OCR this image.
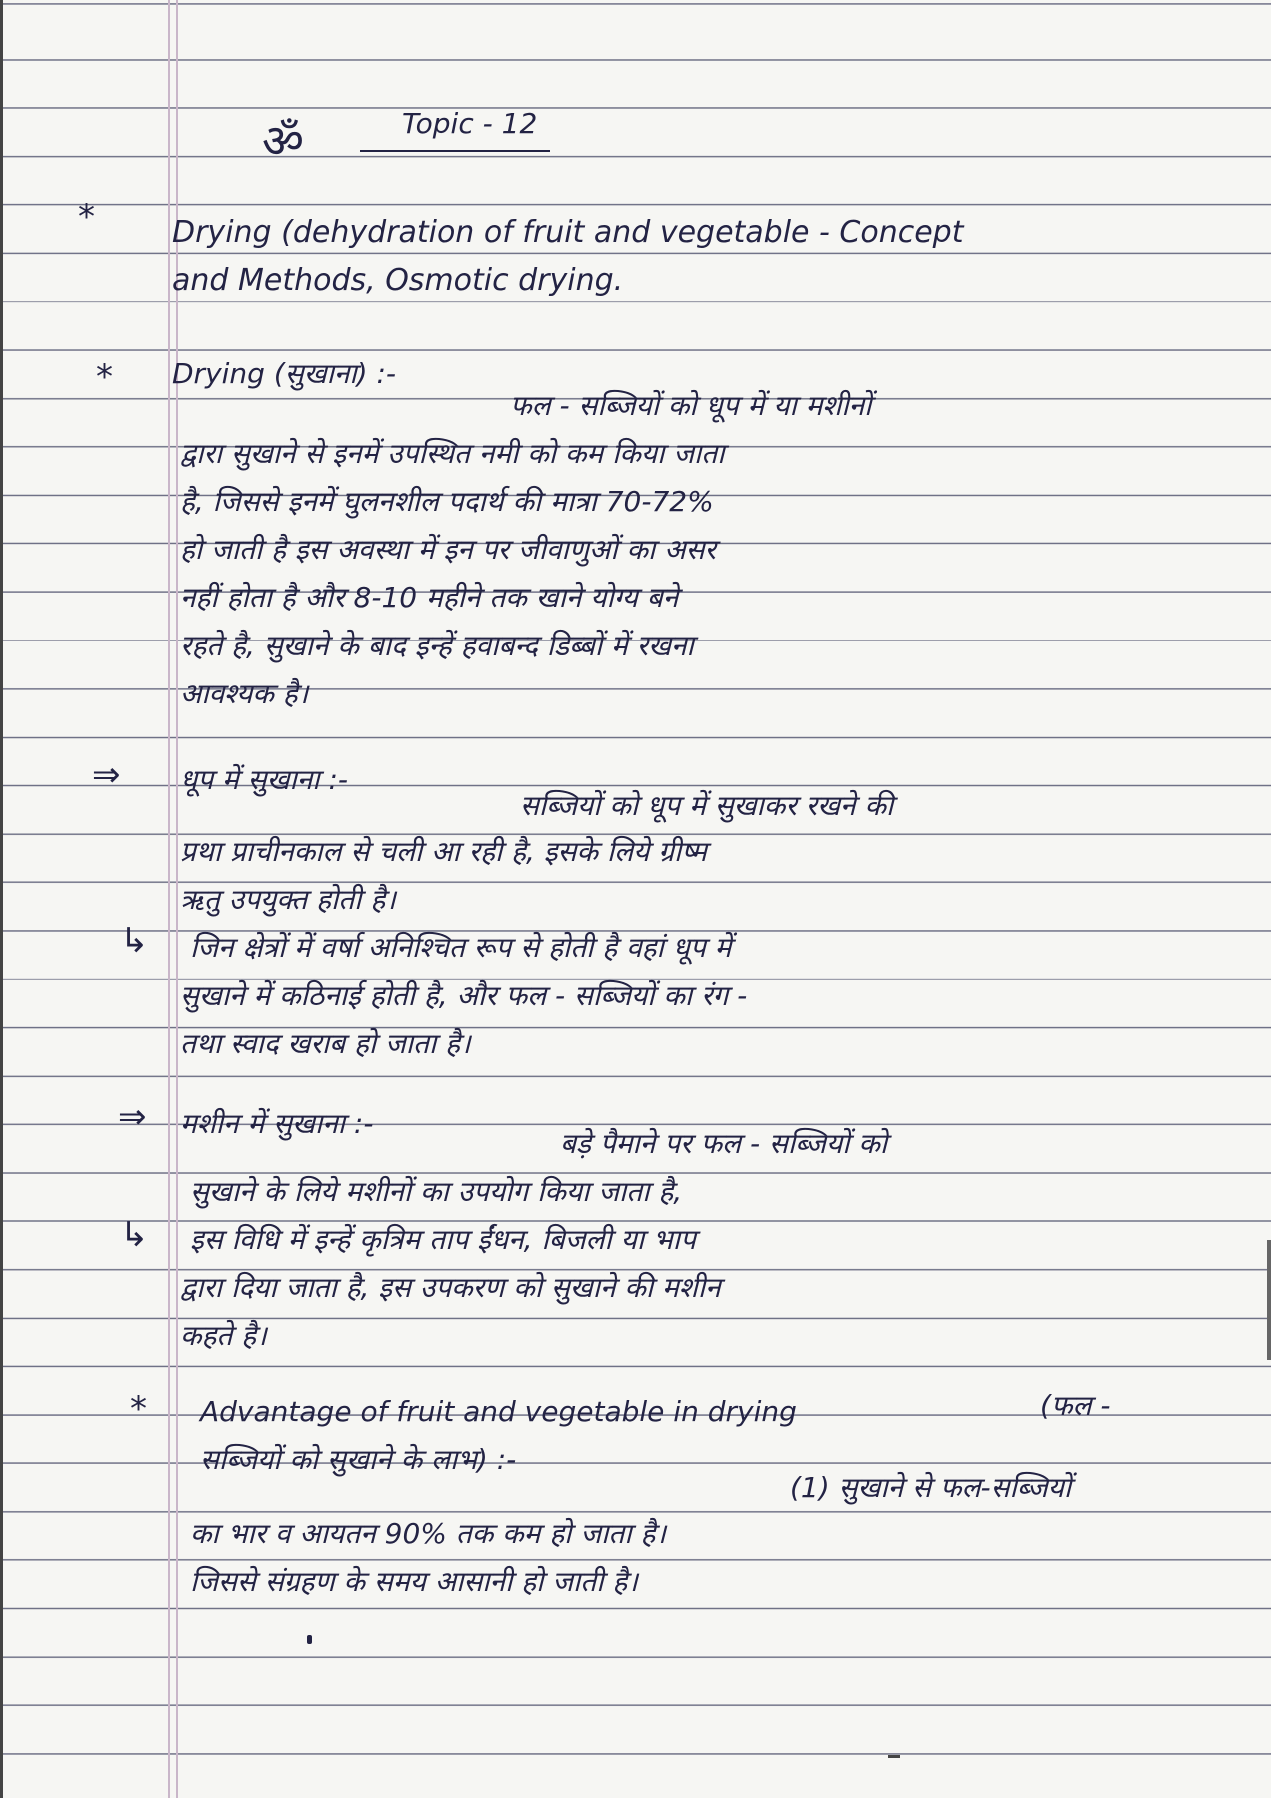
ॐ	Topic - 12
*	Drying (dehydration of fruit and vegetable - Concept
and Methods, Osmotic drying.
* Drying (सुखाना) :-
फल - सब्जियों को धूप में या मशीनों
द्वारा सुखाने से इनमें उपस्थित नमी को कम किया जाता
है, जिससे इनमें घुलनशील पदार्थ की मात्रा 70-72%
हो जाती है इस अवस्था में इन पर जीवाणुओं का असर
नहीं होता है और 8-10 महीने तक खाने योग्य बने
रहते है, सुखाने के बाद इन्हें हवाबन्द डिब्बों में रखना
आवश्यक है।
⇒ धूप में सुखाना :-
सब्जियों को धूप में सुखाकर रखने की
प्रथा प्राचीनकाल से चली आ रही है, इसके लिये ग्रीष्म
ऋतु उपयुक्त होती है।
↳ जिन क्षेत्रों में वर्षा अनिश्चित रूप से होती है वहां धूप में
सुखाने में कठिनाई होती है, और फल - सब्जियों का रंग -
तथा स्वाद खराब हो जाता है।
⇒ मशीन में सुखाना :-
बड़े पैमाने पर फल - सब्जियों को
सुखाने के लिये मशीनों का उपयोग किया जाता है,
↳ इस विधि में इन्हें कृत्रिम ताप ईंधन, बिजली या भाप
द्वारा दिया जाता है, इस उपकरण को सुखाने की मशीन
कहते है।
* Advantage of fruit and vegetable in drying	(फल -
सब्जियों को सुखाने के लाभ) :-
(1) सुखाने से फल-सब्जियों
का भार व आयतन 90% तक कम हो जाता है।
जिससे संग्रहण के समय आसानी हो जाती है।
